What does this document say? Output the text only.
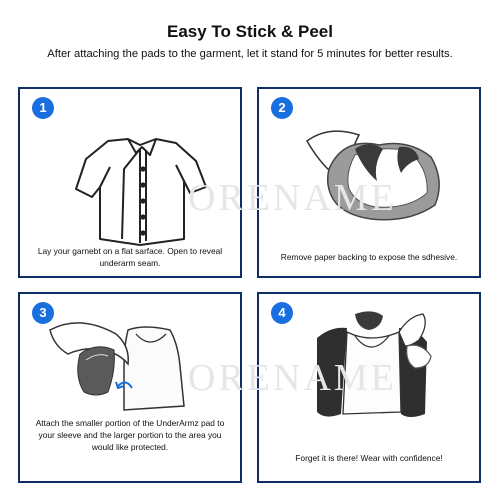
Easy To Stick & Peel

After attaching the pads to the garment, let it stand for 5 minutes for better results.

1
Lay your garnebt on a flat sarface. Open to reveal underarm seam.
2
Remove paper backing to expose the sdhesive.
3
Attach the smaller portion of the UnderArmz pad to your sleeve and the larger portion to the area you would like protected.
4
Forget it is there! Wear with confidence!
ORENAME
ORENAME
